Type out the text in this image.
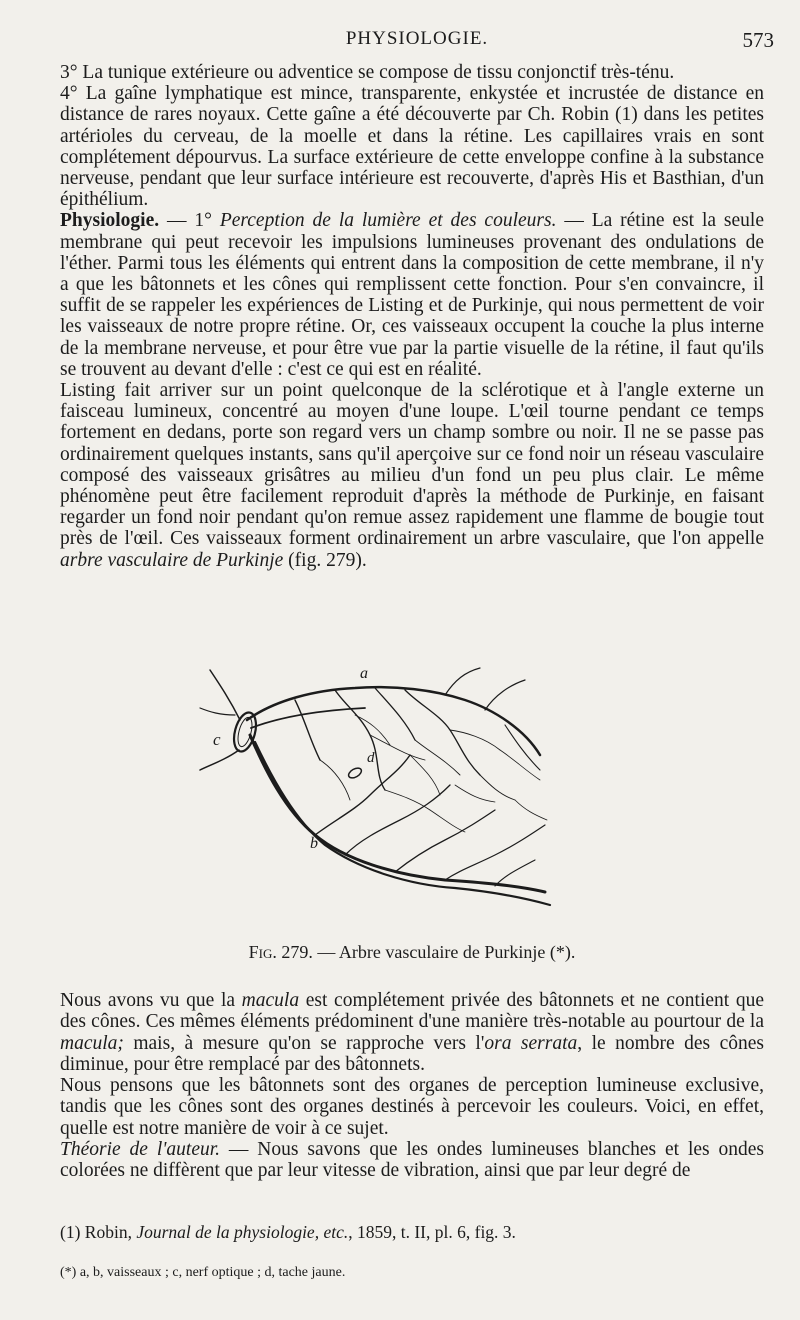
PHYSIOLOGIE.	573

3° La tunique extérieure ou adventice se compose de tissu conjonctif très-ténu.

4° La gaîne lymphatique est mince, transparente, enkystée et incrustée de distance en distance de rares noyaux. Cette gaîne a été découverte par Ch. Robin (1) dans les petites artérioles du cerveau, de la moelle et dans la rétine. Les capillaires vrais en sont complétement dépourvus. La surface extérieure de cette enveloppe confine à la substance nerveuse, pendant que leur surface intérieure est recouverte, d'après His et Basthian, d'un épithélium.

Physiologie. — 1° Perception de la lumière et des couleurs. — La rétine est la seule membrane qui peut recevoir les impulsions lumineuses provenant des ondulations de l'éther. Parmi tous les éléments qui entrent dans la composition de cette membrane, il n'y a que les bâtonnets et les cônes qui remplissent cette fonction. Pour s'en convaincre, il suffit de se rappeler les expériences de Listing et de Purkinje, qui nous permettent de voir les vaisseaux de notre propre rétine. Or, ces vaisseaux occupent la couche la plus interne de la membrane nerveuse, et pour être vue par la partie visuelle de la rétine, il faut qu'ils se trouvent au devant d'elle : c'est ce qui est en réalité.

Listing fait arriver sur un point quelconque de la sclérotique et à l'angle externe un faisceau lumineux, concentré au moyen d'une loupe. L'œil tourne pendant ce temps fortement en dedans, porte son regard vers un champ sombre ou noir. Il ne se passe pas ordinairement quelques instants, sans qu'il aperçoive sur ce fond noir un réseau vasculaire composé des vaisseaux grisâtres au milieu d'un fond un peu plus clair. Le même phénomène peut être facilement reproduit d'après la méthode de Purkinje, en faisant regarder un fond noir pendant qu'on remue assez rapidement une flamme de bougie tout près de l'œil. Ces vaisseaux forment ordinairement un arbre vasculaire, que l'on appelle arbre vasculaire de Purkinje (fig. 279).

a
b
c
d
Fig. 279. — Arbre vasculaire de Purkinje (*).

Nous avons vu que la macula est complétement privée des bâtonnets et ne contient que des cônes. Ces mêmes éléments prédominent d'une manière très-notable au pourtour de la macula; mais, à mesure qu'on se rapproche vers l'ora serrata, le nombre des cônes diminue, pour être remplacé par des bâtonnets.

Nous pensons que les bâtonnets sont des organes de perception lumineuse exclusive, tandis que les cônes sont des organes destinés à percevoir les couleurs. Voici, en effet, quelle est notre manière de voir à ce sujet.

Théorie de l'auteur. — Nous savons que les ondes lumineuses blanches et les ondes colorées ne diffèrent que par leur vitesse de vibration, ainsi que par leur degré de

(1) Robin, Journal de la physiologie, etc., 1859, t. II, pl. 6, fig. 3.

(*) a, b, vaisseaux ; c, nerf optique ; d, tache jaune.
